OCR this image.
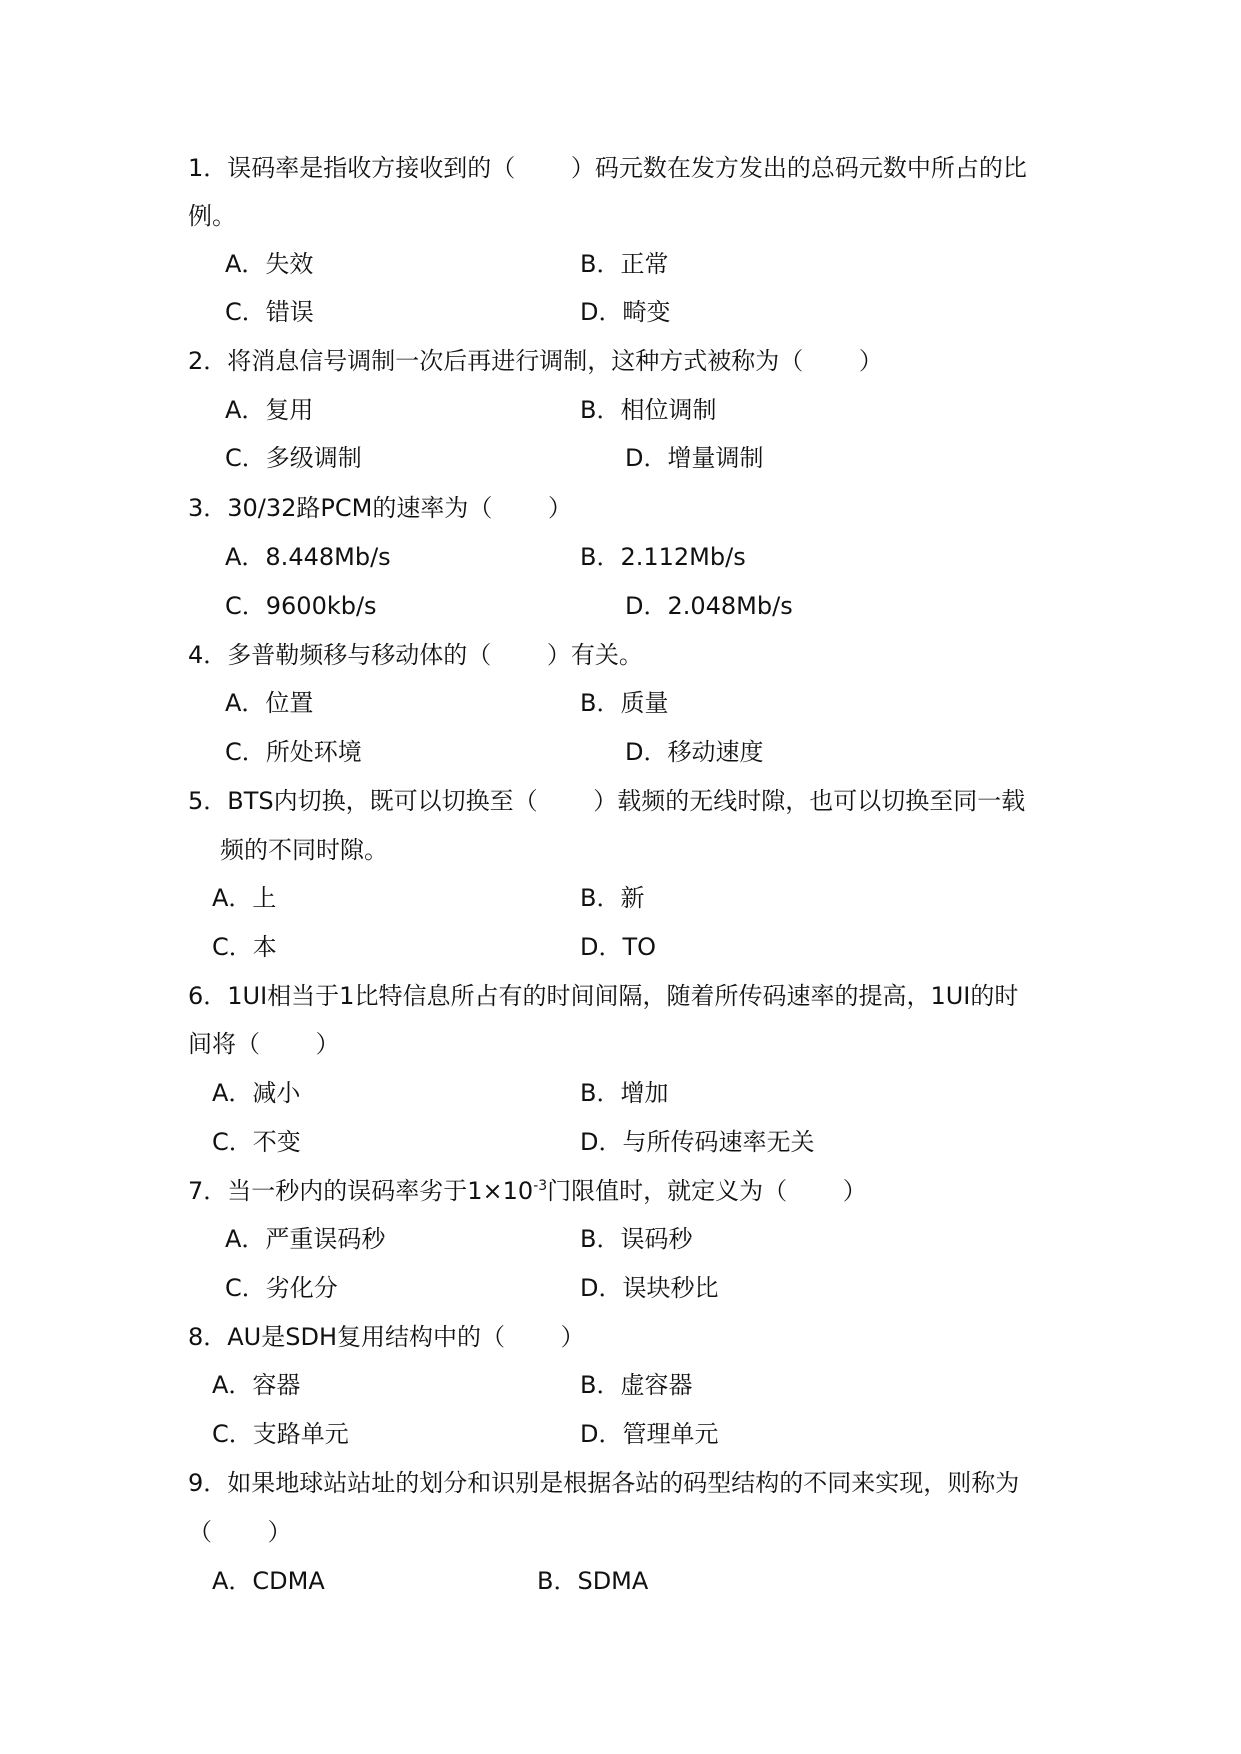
1．误码率是指收方接收到的（　　 ）码元数在发方发出的总码元数中所占的比
例。
A．失效	B．正常
C．错误	D．畸变
2．将消息信号调制一次后再进行调制，这种方式被称为（　　 ）
A．复用	B．相位调制
C．多级调制	D．增量调制
3．30/32路PCM的速率为（　　 ）
A．8.448Mb/s	B．2.112Mb/s
C．9600kb/s	D．2.048Mb/s
4．多普勒频移与移动体的（　　 ）有关。
A．位置	B．质量
C．所处环境	D．移动速度
5．BTS内切换，既可以切换至（　　 ）载频的无线时隙，也可以切换至同一载
频的不同时隙。
A．上	B．新
C．本	D．TO
6．1UI相当于1比特信息所占有的时间间隔，随着所传码速率的提高，1UI的时
间将（　　 ）
A．减小	B．增加
C．不变	D．与所传码速率无关
7．当一秒内的误码率劣于$1\times 10^{-3}$门限值时，就定义为（　　 ）
A．严重误码秒	B．误码秒
C．劣化分	D．误块秒比
8．AU是SDH复用结构中的（　　 ）
A．容器	B．虚容器
C．支路单元	D．管理单元
9．如果地球站站址的划分和识别是根据各站的码型结构的不同来实现，则称为
（　　 ）
A．CDMA	B．SDMA
